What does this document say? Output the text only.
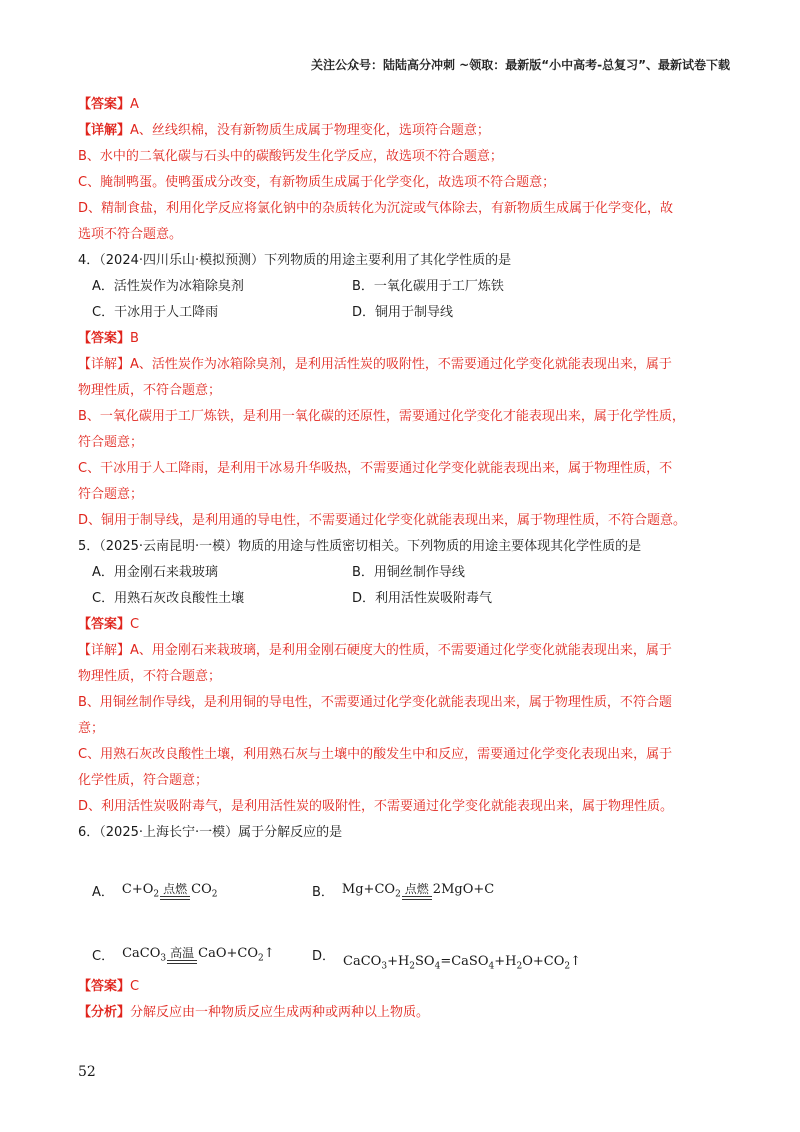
关注公众号：陆陆高分冲刺 ~领取：最新版“小中高考-总复习”、最新试卷下载
【答案】A
【详解】A、丝线织棉，没有新物质生成属于物理变化，选项符合题意；
B、水中的二氧化碳与石头中的碳酸钙发生化学反应，故选项不符合题意；
C、腌制鸭蛋。使鸭蛋成分改变，有新物质生成属于化学变化，故选项不符合题意；
D、精制食盐，利用化学反应将氯化钠中的杂质转化为沉淀或气体除去，有新物质生成属于化学变化，故
选项不符合题意。
4．（2024·四川乐山·模拟预测）下列物质的用途主要利用了其化学性质的是
A．活性炭作为冰箱除臭剂	B．一氧化碳用于工厂炼铁
C．干冰用于人工降雨	D．铜用于制导线
【答案】B
【详解】A、活性炭作为冰箱除臭剂，是利用活性炭的吸附性，不需要通过化学变化就能表现出来，属于
物理性质，不符合题意；
B、一氧化碳用于工厂炼铁，是利用一氧化碳的还原性，需要通过化学变化才能表现出来，属于化学性质，
符合题意；
C、干冰用于人工降雨，是利用干冰易升华吸热，不需要通过化学变化就能表现出来，属于物理性质，不
符合题意；
D、铜用于制导线，是利用通的导电性，不需要通过化学变化就能表现出来，属于物理性质，不符合题意。
5．（2025·云南昆明·一模）物质的用途与性质密切相关。下列物质的用途主要体现其化学性质的是
A．用金刚石来栽玻璃	B．用铜丝制作导线
C．用熟石灰改良酸性土壤	D．利用活性炭吸附毒气
【答案】C
【详解】A、用金刚石来栽玻璃，是利用金刚石硬度大的性质，不需要通过化学变化就能表现出来，属于
物理性质，不符合题意；
B、用铜丝制作导线，是利用铜的导电性，不需要通过化学变化就能表现出来，属于物理性质，不符合题
意；
C、用熟石灰改良酸性土壤，利用熟石灰与土壤中的酸发生中和反应，需要通过化学变化表现出来，属于
化学性质，符合题意；
D、利用活性炭吸附毒气，是利用活性炭的吸附性，不需要通过化学变化就能表现出来，属于物理性质。
6．（2025·上海长宁·一模）属于分解反应的是
A． $C+O_2$ 点燃 $CO_2$	B． $Mg+CO_2$ 点燃 2MgO+C
C． CaCO$_3$ 高温 $CaO+CO_2↑$	D． $CaCO_3+H_2SO_4=CaSO_4+H_2O+CO_2↑$
【答案】C
【分析】分解反应由一种物质反应生成两种或两种以上物质。
52
